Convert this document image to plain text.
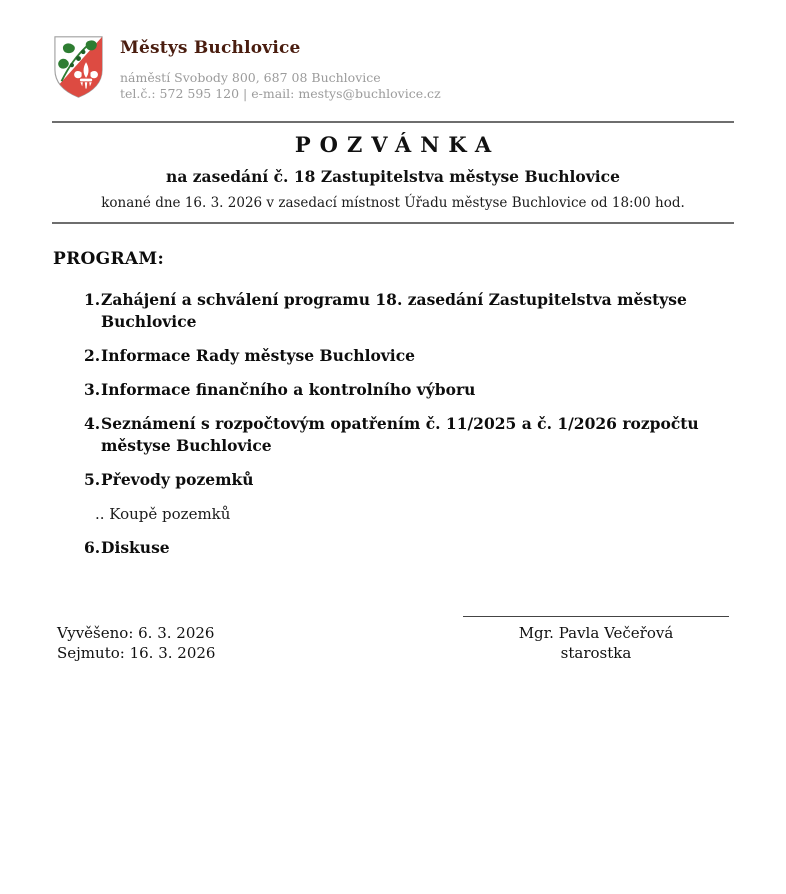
Městys Buchlovice
náměstí Svobody 800, 687 08 Buchlovice
tel.č.: 572 595 120 | e-mail: mestys@buchlovice.cz
POZVÁNKA
na zasedání č. 18 Zastupitelstva městyse Buchlovice
konané dne 16. 3. 2026 v zasedací místnost Úřadu městyse Buchlovice od 18:00 hod.
PROGRAM:
1. Zahájení a schválení programu 18. zasedání Zastupitelstva městyse Buchlovice
2. Informace Rady městyse Buchlovice
3. Informace finančního a kontrolního výboru
4. Seznámení s rozpočtovým opatřením č. 11/2025 a č. 1/2026 rozpočtu městyse Buchlovice
5. Převody pozemků
.. Koupě pozemků
6. Diskuse
Vyvěšeno: 6. 3. 2026
Sejmuto: 16. 3. 2026
Mgr. Pavla Večeřová
starostka
